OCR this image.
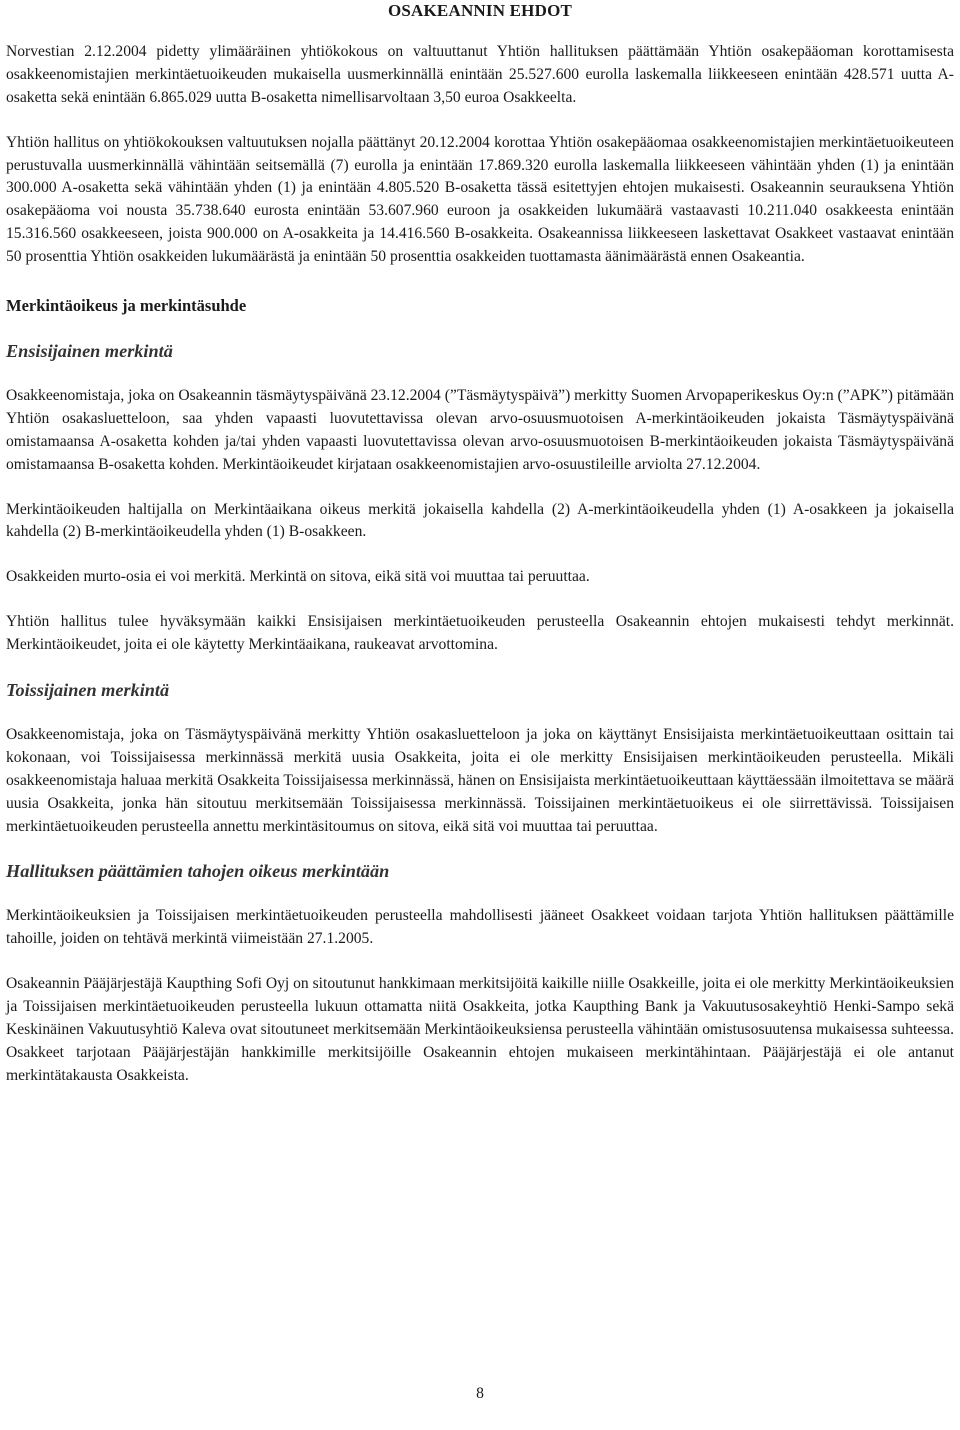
OSAKEANNIN EHDOT

Norvestian 2.12.2004 pidetty ylimääräinen yhtiökokous on valtuuttanut Yhtiön hallituksen päättämään Yhtiön osakepääoman korottamisesta osakkeenomistajien merkintäetuoikeuden mukaisella uusmerkinnällä enintään 25.527.600 eurolla laskemalla liikkeeseen enintään 428.571 uutta A-osaketta sekä enintään 6.865.029 uutta B-osaketta nimellisarvoltaan 3,50 euroa Osakkeelta.

Yhtiön hallitus on yhtiökokouksen valtuutuksen nojalla päättänyt 20.12.2004 korottaa Yhtiön osakepääomaa osakkeenomistajien merkintäetuoikeuteen perustuvalla uusmerkinnällä vähintään seitsemällä (7) eurolla ja enintään 17.869.320 eurolla laskemalla liikkeeseen vähintään yhden (1) ja enintään 300.000 A-osaketta sekä vähintään yhden (1) ja enintään 4.805.520 B-osaketta tässä esitettyjen ehtojen mukaisesti. Osakeannin seurauksena Yhtiön osakepääoma voi nousta 35.738.640 eurosta enintään 53.607.960 euroon ja osakkeiden lukumäärä vastaavasti 10.211.040 osakkeesta enintään 15.316.560 osakkeeseen, joista 900.000 on A-osakkeita ja 14.416.560 B-osakkeita. Osakeannissa liikkeeseen laskettavat Osakkeet vastaavat enintään 50 prosenttia Yhtiön osakkeiden lukumäärästä ja enintään 50 prosenttia osakkeiden tuottamasta äänimäärästä ennen Osakeantia.

Merkintäoikeus ja merkintäsuhde
Ensisijainen merkintä

Osakkeenomistaja, joka on Osakeannin täsmäytyspäivänä 23.12.2004 (”Täsmäytyspäivä”) merkitty Suomen Arvopaperikeskus Oy:n (”APK”) pitämään Yhtiön osakasluetteloon, saa yhden vapaasti luovutettavissa olevan arvo-osuusmuotoisen A-merkintäoikeuden jokaista Täsmäytyspäivänä omistamaansa A-osaketta kohden ja/tai yhden vapaasti luovutettavissa olevan arvo-osuusmuotoisen B-merkintäoikeuden jokaista Täsmäytyspäivänä omistamaansa B-osaketta kohden. Merkintäoikeudet kirjataan osakkeenomistajien arvo-osuustileille arviolta 27.12.2004.

Merkintäoikeuden haltijalla on Merkintäaikana oikeus merkitä jokaisella kahdella (2) A-merkintäoikeudella yhden (1) A-osakkeen ja jokaisella kahdella (2) B-merkintäoikeudella yhden (1) B-osakkeen.

Osakkeiden murto-osia ei voi merkitä. Merkintä on sitova, eikä sitä voi muuttaa tai peruuttaa.

Yhtiön hallitus tulee hyväksymään kaikki Ensisijaisen merkintäetuoikeuden perusteella Osakeannin ehtojen mukaisesti tehdyt merkinnät. Merkintäoikeudet, joita ei ole käytetty Merkintäaikana, raukeavat arvottomina.

Toissijainen merkintä

Osakkeenomistaja, joka on Täsmäytyspäivänä merkitty Yhtiön osakasluetteloon ja joka on käyttänyt Ensisijaista merkintäetuoikeuttaan osittain tai kokonaan, voi Toissijaisessa merkinnässä merkitä uusia Osakkeita, joita ei ole merkitty Ensisijaisen merkintäoikeuden perusteella. Mikäli osakkeenomistaja haluaa merkitä Osakkeita Toissijaisessa merkinnässä, hänen on Ensisijaista merkintäetuoikeuttaan käyttäessään ilmoitettava se määrä uusia Osakkeita, jonka hän sitoutuu merkitsemään Toissijaisessa merkinnässä. Toissijainen merkintäetuoikeus ei ole siirrettävissä. Toissijaisen merkintäetuoikeuden perusteella annettu merkintäsitoumus on sitova, eikä sitä voi muuttaa tai peruuttaa.

Hallituksen päättämien tahojen oikeus merkintään

Merkintäoikeuksien ja Toissijaisen merkintäetuoikeuden perusteella mahdollisesti jääneet Osakkeet voidaan tarjota Yhtiön hallituksen päättämille tahoille, joiden on tehtävä merkintä viimeistään 27.1.2005.

Osakeannin Pääjärjestäjä Kaupthing Sofi Oyj on sitoutunut hankkimaan merkitsijöitä kaikille niille Osakkeille, joita ei ole merkitty Merkintäoikeuksien ja Toissijaisen merkintäetuoikeuden perusteella lukuun ottamatta niitä Osakkeita, jotka Kaupthing Bank ja Vakuutusosakeyhtiö Henki-Sampo sekä Keskinäinen Vakuutusyhtiö Kaleva ovat sitoutuneet merkitsemään Merkintäoikeuksiensa perusteella vähintään omistusosuutensa mukaisessa suhteessa. Osakkeet tarjotaan Pääjärjestäjän hankkimille merkitsijöille Osakeannin ehtojen mukaiseen merkintähintaan. Pääjärjestäjä ei ole antanut merkintätakausta Osakkeista.

8
